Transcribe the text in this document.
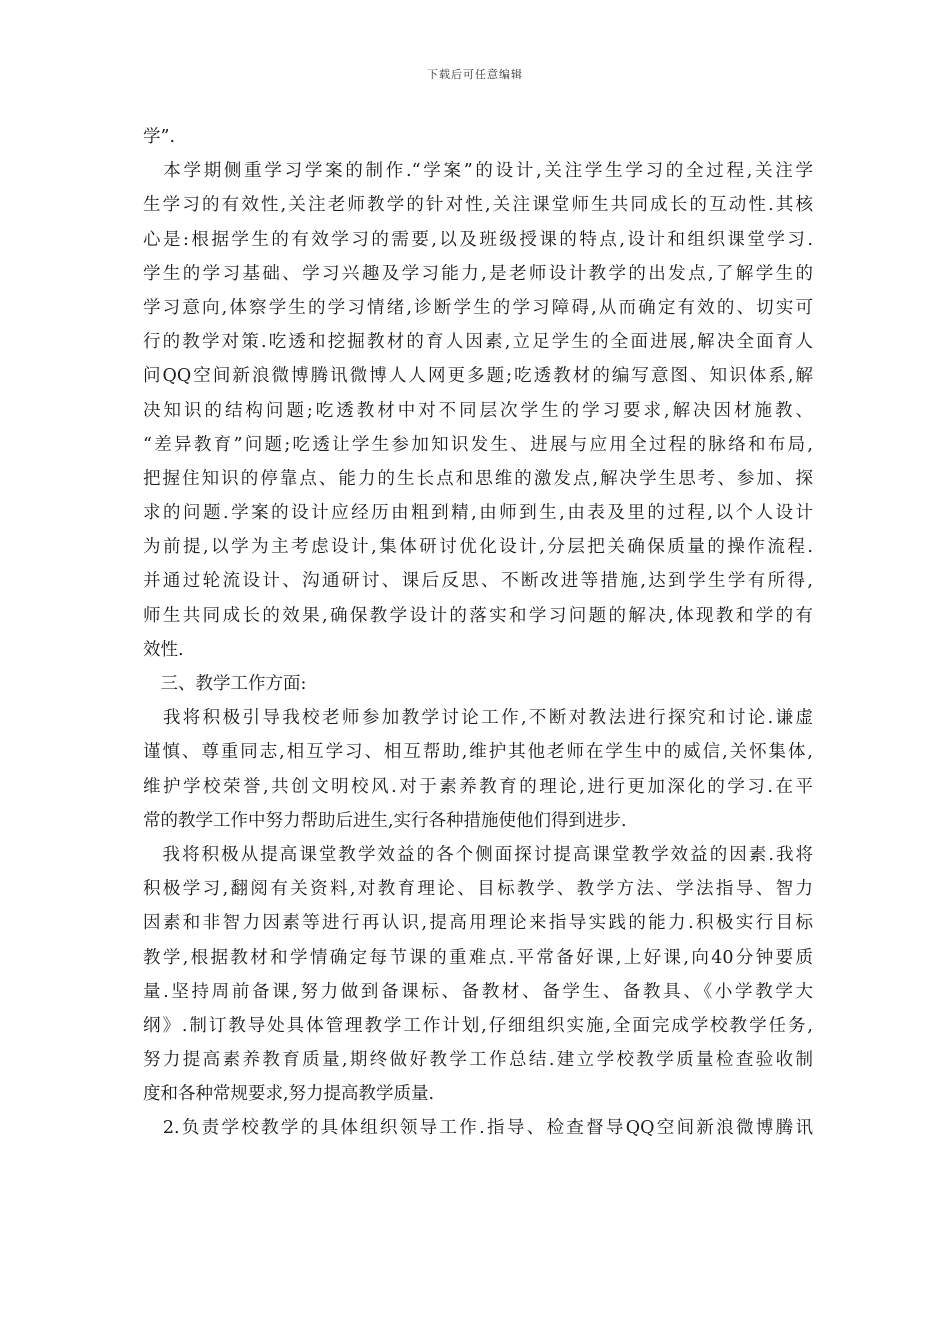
下载后可任意编辑
学”.
　本学期侧重学习学案的制作.“学案”的设计,关注学生学习的全过程,关注学
生学习的有效性,关注老师教学的针对性,关注课堂师生共同成长的互动性.其核
心是:根据学生的有效学习的需要,以及班级授课的特点,设计和组织课堂学习.
学生的学习基础、学习兴趣及学习能力,是老师设计教学的出发点,了解学生的
学习意向,体察学生的学习情绪,诊断学生的学习障碍,从而确定有效的、切实可
行的教学对策.吃透和挖掘教材的育人因素,立足学生的全面进展,解决全面育人
问QQ空间新浪微博腾讯微博人人网更多题;吃透教材的编写意图、知识体系,解
决知识的结构问题;吃透教材中对不同层次学生的学习要求,解决因材施教、
“差异教育”问题;吃透让学生参加知识发生、进展与应用全过程的脉络和布局,
把握住知识的停靠点、能力的生长点和思维的激发点,解决学生思考、参加、探
求的问题.学案的设计应经历由粗到精,由师到生,由表及里的过程,以个人设计
为前提,以学为主考虑设计,集体研讨优化设计,分层把关确保质量的操作流程.
并通过轮流设计、沟通研讨、课后反思、不断改进等措施,达到学生学有所得,
师生共同成长的效果,确保教学设计的落实和学习问题的解决,体现教和学的有
效性.
　三、教学工作方面:
　我将积极引导我校老师参加教学讨论工作,不断对教法进行探究和讨论.谦虚
谨慎、尊重同志,相互学习、相互帮助,维护其他老师在学生中的威信,关怀集体,
维护学校荣誉,共创文明校风.对于素养教育的理论,进行更加深化的学习.在平
常的教学工作中努力帮助后进生,实行各种措施使他们得到进步.
　我将积极从提高课堂教学效益的各个侧面探讨提高课堂教学效益的因素.我将
积极学习,翻阅有关资料,对教育理论、目标教学、教学方法、学法指导、智力
因素和非智力因素等进行再认识,提高用理论来指导实践的能力.积极实行目标
教学,根据教材和学情确定每节课的重难点.平常备好课,上好课,向40分钟要质
量.坚持周前备课,努力做到备课标、备教材、备学生、备教具、《小学教学大
纲》.制订教导处具体管理教学工作计划,仔细组织实施,全面完成学校教学任务,
努力提高素养教育质量,期终做好教学工作总结.建立学校教学质量检查验收制
度和各种常规要求,努力提高教学质量.
　2.负责学校教学的具体组织领导工作.指导、检查督导QQ空间新浪微博腾讯
